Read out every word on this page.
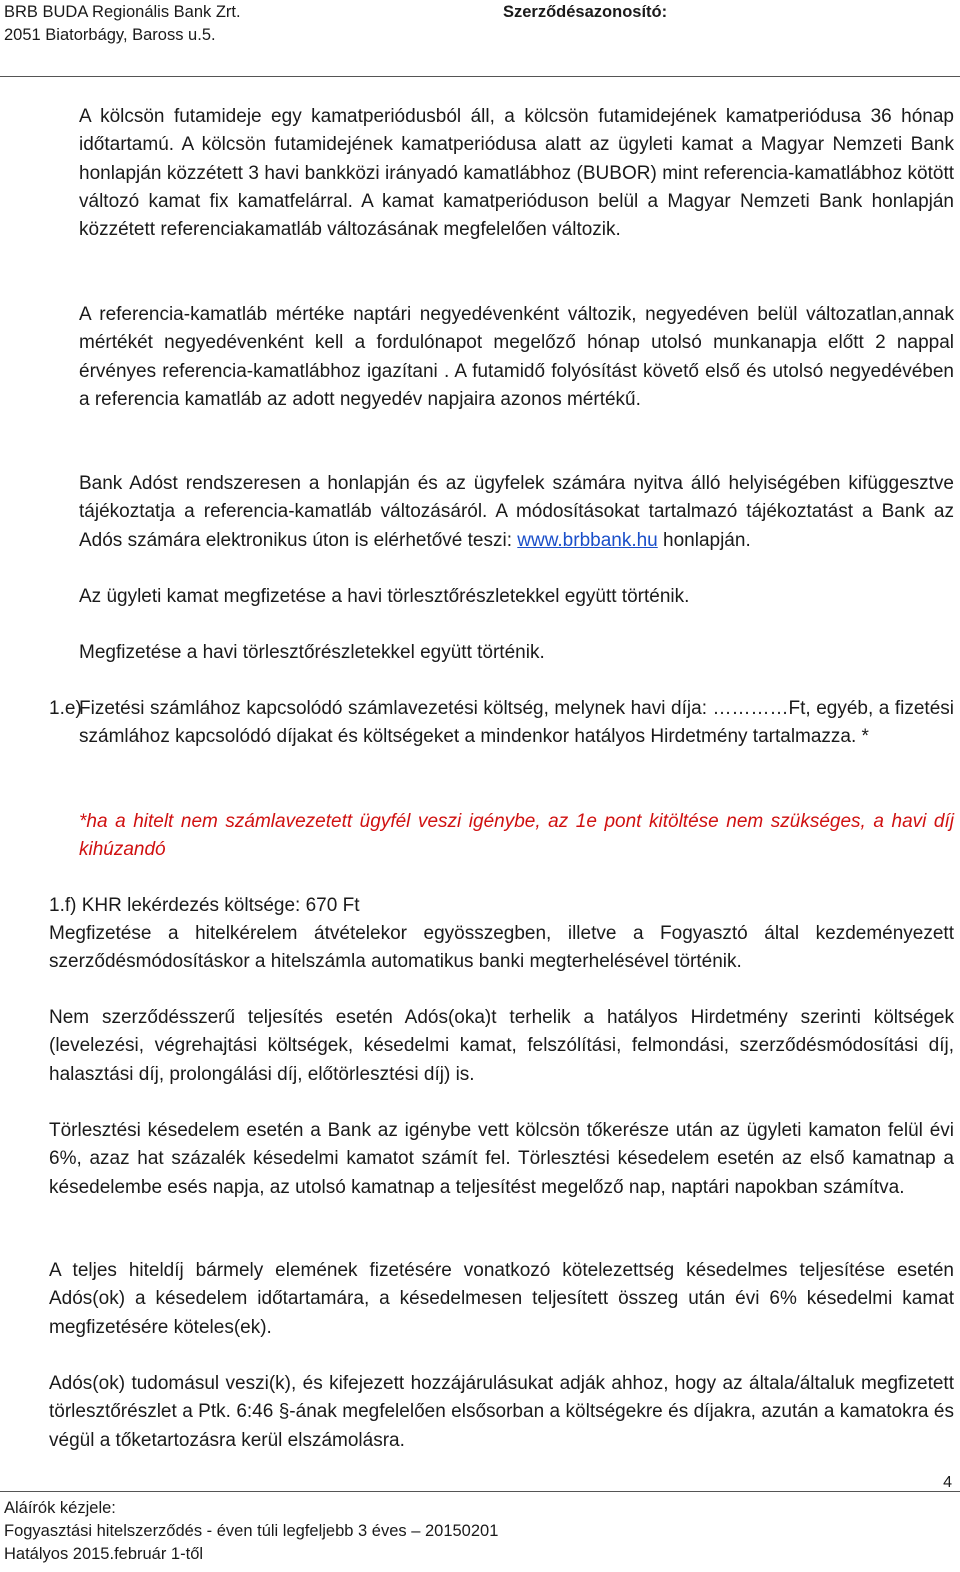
BRB BUDA Regionális Bank Zrt.
2051 Biatorbágy, Baross u.5.
Szerződésazonosító:

A kölcsön futamideje egy kamatperiódusból áll, a kölcsön futamidejének kamatperiódusa 36 hónap időtartamú. A kölcsön futamidejének kamatperiódusa alatt az ügyleti kamat a Magyar Nemzeti Bank honlapján közzétett 3 havi bankközi irányadó kamatlábhoz (BUBOR) mint referencia-kamatlábhoz kötött változó kamat fix kamatfelárral. A kamat kamatperióduson belül a Magyar Nemzeti Bank honlapján közzétett referenciakamatláb változásának megfelelően változik.

A referencia-kamatláb mértéke naptári negyedévenként változik, negyedéven belül változatlan,annak mértékét negyedévenként kell a fordulónapot megelőző hónap utolsó munkanapja előtt 2 nappal érvényes referencia-kamatlábhoz igazítani . A futamidő folyósítást követő első és utolsó negyedévében a referencia kamatláb az adott negyedév napjaira azonos mértékű.

Bank Adóst rendszeresen a honlapján és az ügyfelek számára nyitva álló helyiségében kifüggesztve tájékoztatja a referencia-kamatláb változásáról. A módosításokat tartalmazó tájékoztatást a Bank az Adós számára elektronikus úton is elérhetővé teszi: www.brbbank.hu honlapján.

Az ügyleti kamat megfizetése a havi törlesztőrészletekkel együtt történik.

Megfizetése a havi törlesztőrészletekkel együtt történik.

1.e)

Fizetési számlához kapcsolódó számlavezetési költség, melynek havi díja: …………Ft, egyéb, a fizetési számlához kapcsolódó díjakat és költségeket a mindenkor hatályos Hirdetmény tartalmazza. *

*ha a hitelt nem számlavezetett ügyfél veszi igénybe, az 1e pont kitöltése nem szükséges, a havi díj kihúzandó

1.f) KHR lekérdezés költsége: 670 Ft

Megfizetése a hitelkérelem átvételekor egyösszegben, illetve a Fogyasztó által kezdeményezett szerződésmódosításkor a hitelszámla automatikus banki megterhelésével történik.

Nem szerződésszerű teljesítés esetén Adós(oka)t terhelik a hatályos Hirdetmény szerinti költségek (levelezési, végrehajtási költségek, késedelmi kamat, felszólítási, felmondási, szerződésmódosítási díj, halasztási díj, prolongálási díj, előtörlesztési díj) is.

Törlesztési késedelem esetén a Bank az igénybe vett kölcsön tőkerésze után az ügyleti kamaton felül évi 6%, azaz hat százalék késedelmi kamatot számít fel. Törlesztési késedelem esetén az első kamatnap a késedelembe esés napja, az utolsó kamatnap a teljesítést megelőző nap, naptári napokban számítva.

A teljes hiteldíj bármely elemének fizetésére vonatkozó kötelezettség késedelmes teljesítése esetén Adós(ok) a késedelem időtartamára, a késedelmesen teljesített összeg után évi 6% késedelmi kamat megfizetésére köteles(ek).

Adós(ok) tudomásul veszi(k), és kifejezett hozzájárulásukat adják ahhoz, hogy az általa/általuk megfizetett törlesztőrészlet a Ptk. 6:46 §-ának megfelelően elsősorban a költségekre és díjakra, azután a kamatokra és végül a tőketartozásra kerül elszámolásra.

4
Aláírók kézjele:
Fogyasztási hitelszerződés - éven túli legfeljebb 3 éves – 20150201
Hatályos 2015.február 1-től
